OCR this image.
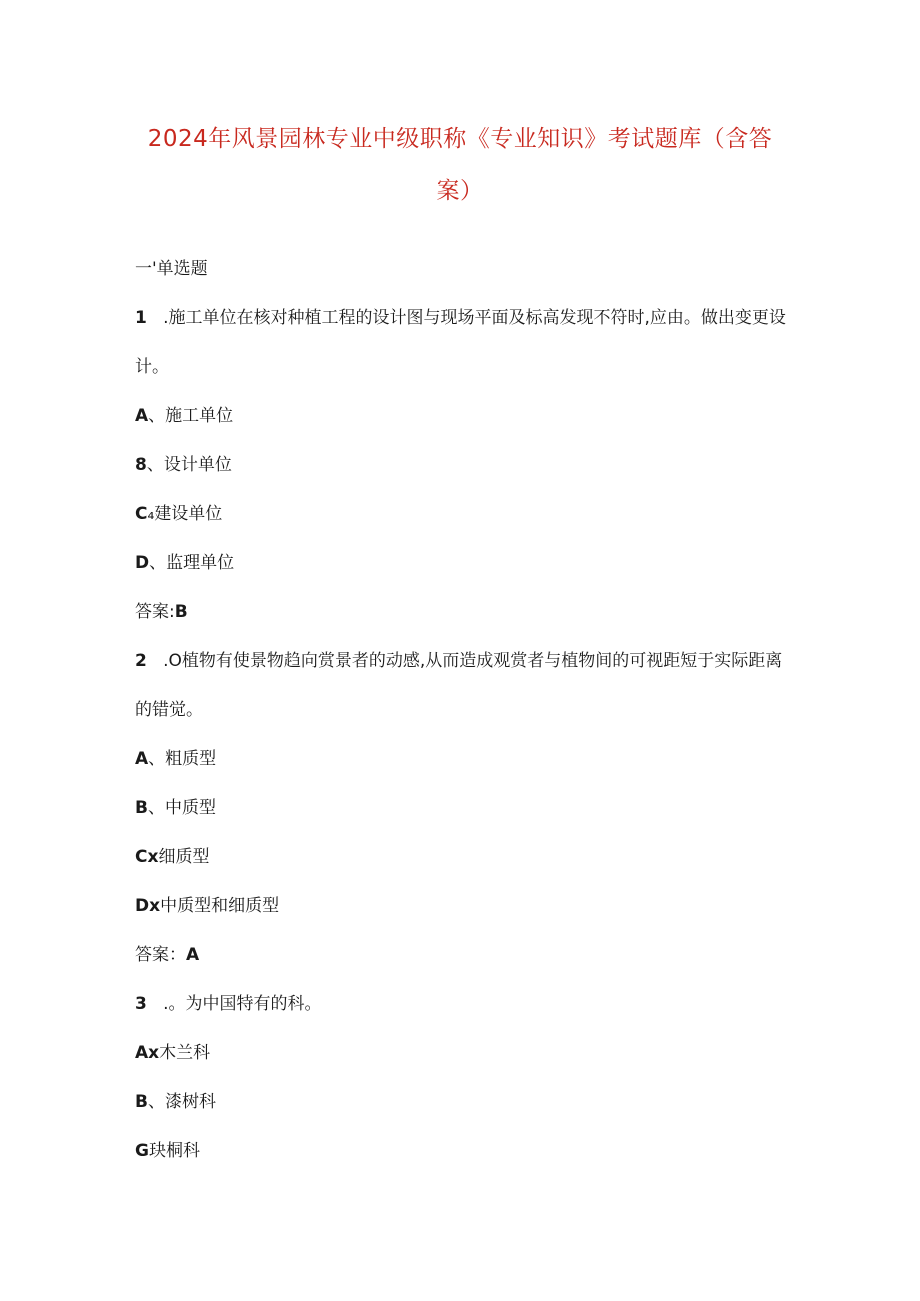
2024年风景园林专业中级职称《专业知识》考试题库（含答
案）

一'单选题

1 .施工单位在核对种植工程的设计图与现场平面及标高发现不符时,应由。做出变更设

计。

A、施工单位

8、设计单位

C₄建设单位

D、监理单位

答案:B

2 .O植物有使景物趋向赏景者的动感,从而造成观赏者与植物间的可视距短于实际距离

的错觉。

A、粗质型

B、中质型

Cx细质型

Dx中质型和细质型

答案：A

3 .。为中国特有的科。

Ax木兰科

B、漆树科

G玦桐科
